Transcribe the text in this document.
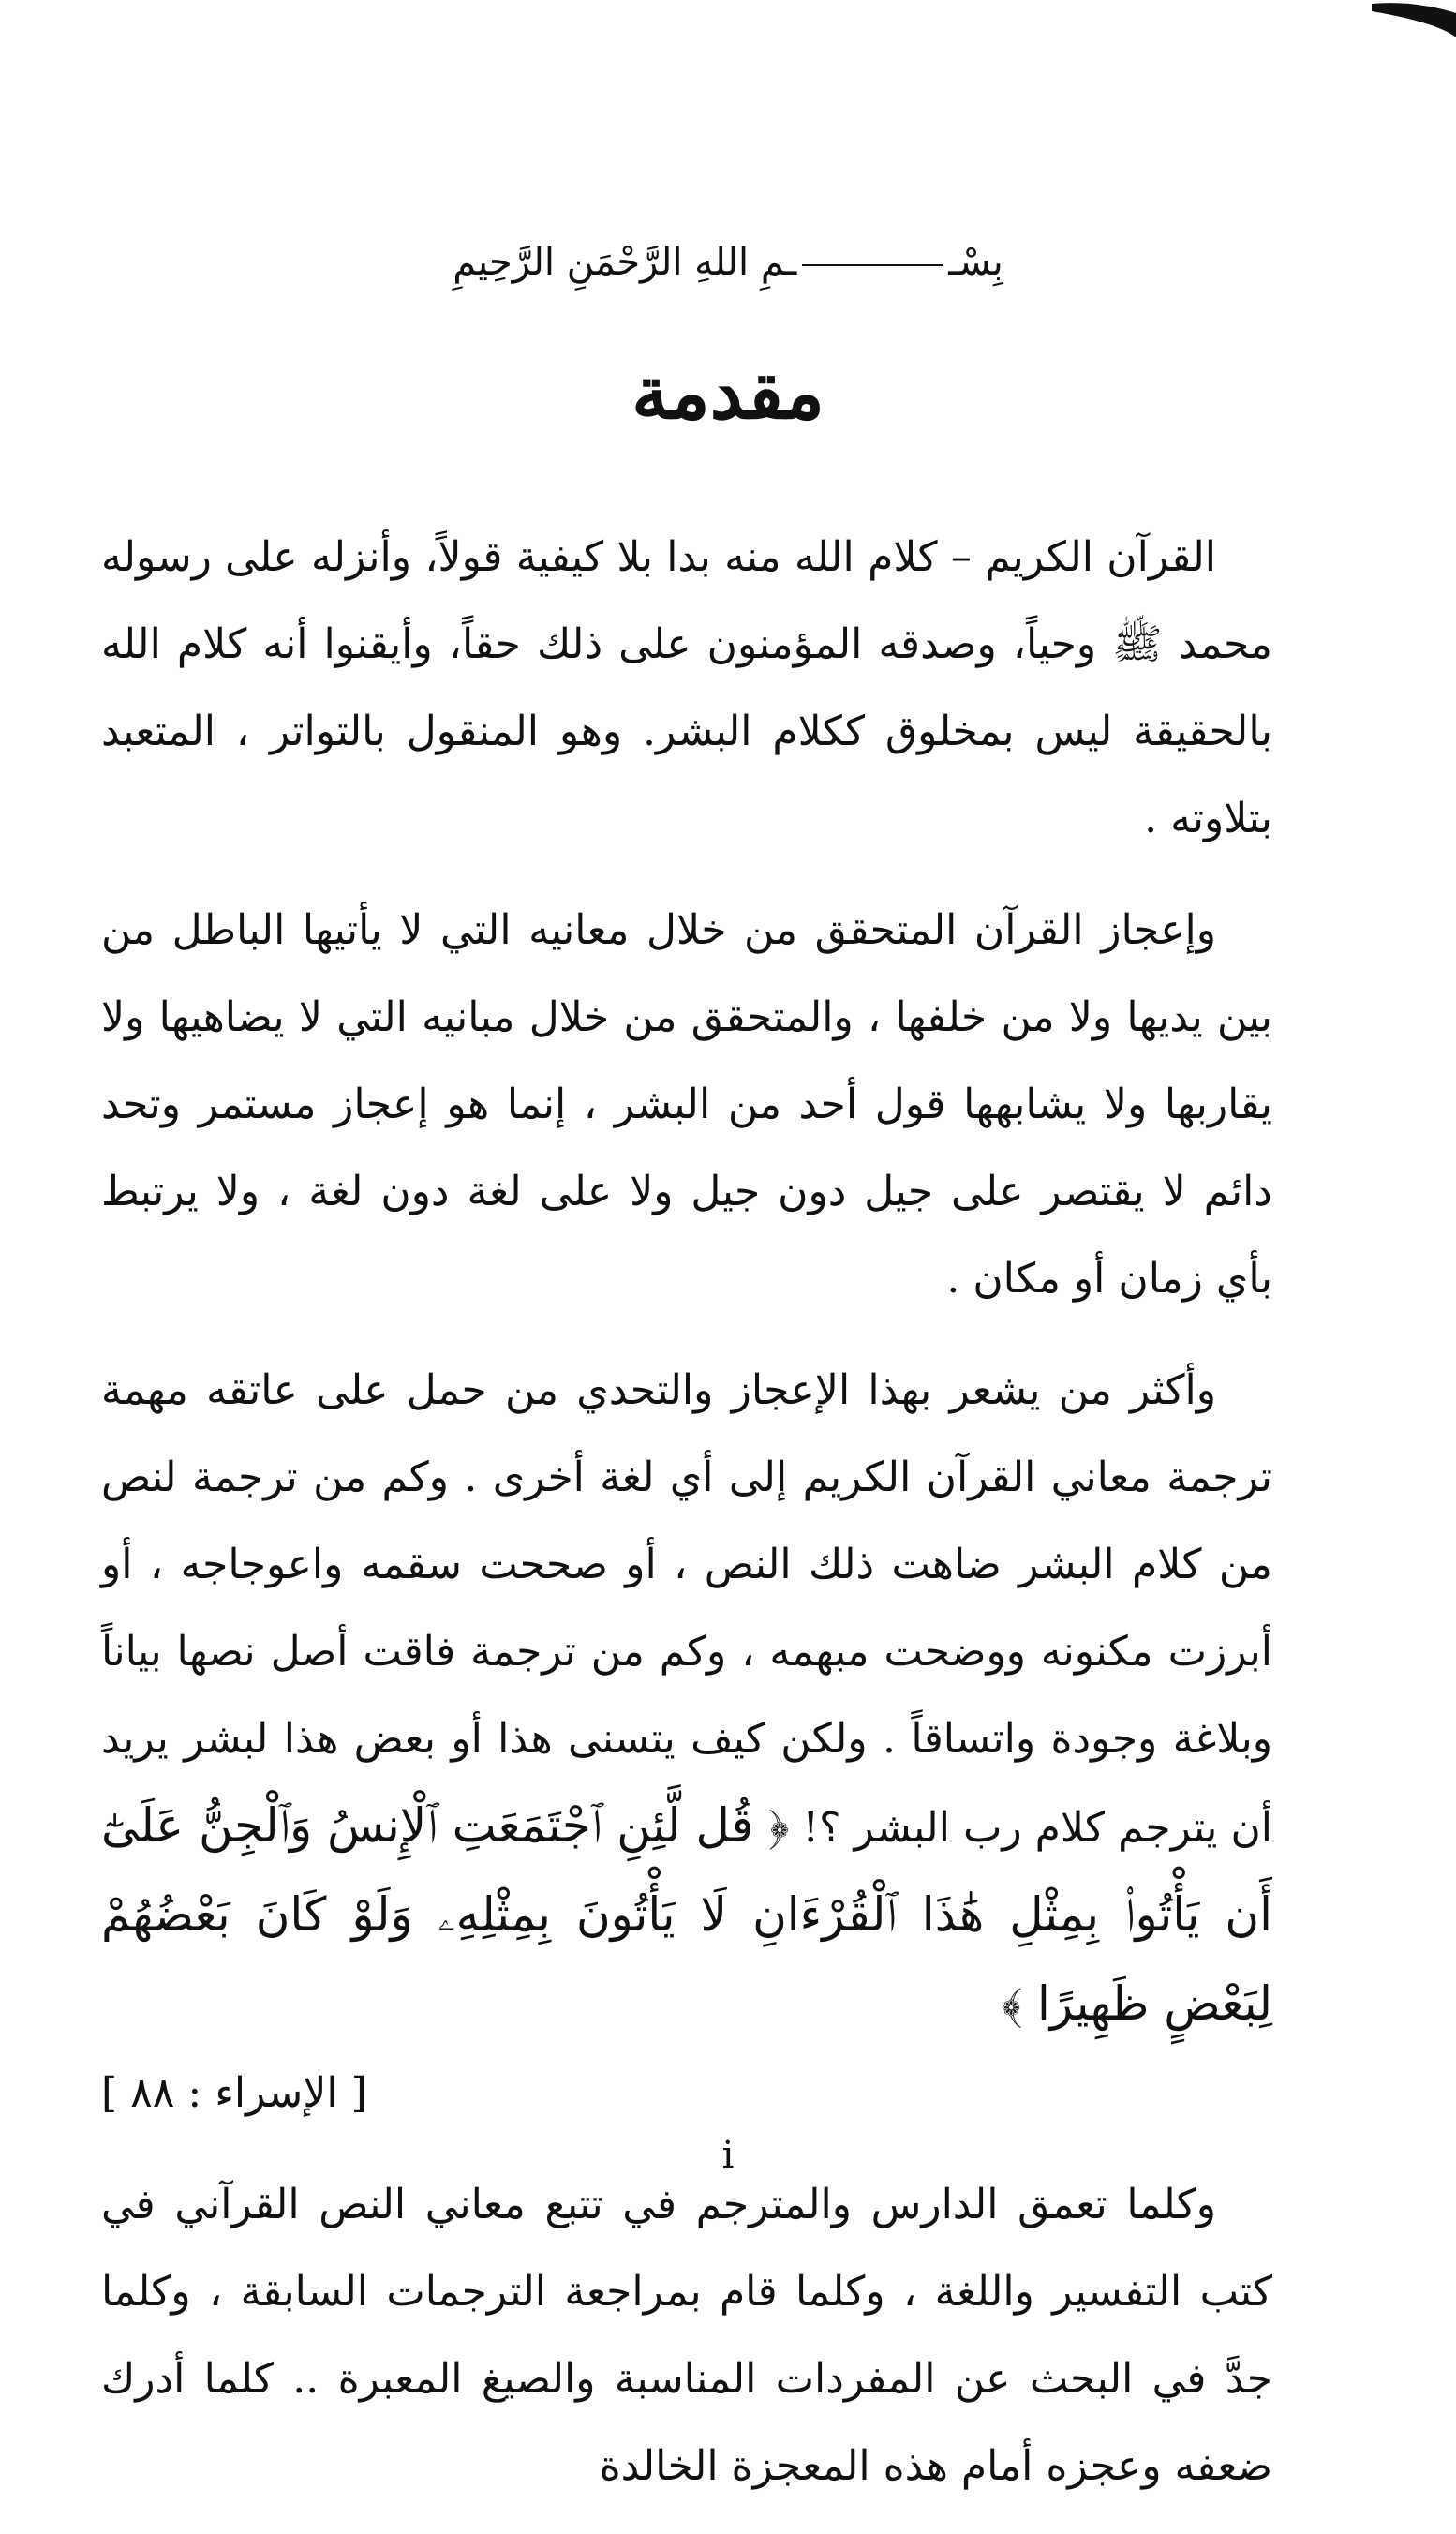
بِسْــمِ اللهِ الرَّحْمَنِ الرَّحِيمِ
مقدمة

القرآن الكريم – كلام الله منه بدا بلا كيفية قولاً، وأنزله على رسوله محمد ﷺ وحياً، وصدقه المؤمنون على ذلك حقاً، وأيقنوا أنه كلام الله بالحقيقة ليس بمخلوق ككلام البشر. وهو المنقول بالتواتر ، المتعبد بتلاوته .

وإعجاز القرآن المتحقق من خلال معانيه التي لا يأتيها الباطل من بين يديها ولا من خلفها ، والمتحقق من خلال مبانيه التي لا يضاهيها ولا يقاربها ولا يشابهها قول أحد من البشر ، إنما هو إعجاز مستمر وتحد دائم لا يقتصر على جيل دون جيل ولا على لغة دون لغة ، ولا يرتبط بأي زمان أو مكان .

وأكثر من يشعر بهذا الإعجاز والتحدي من حمل على عاتقه مهمة ترجمة معاني القرآن الكريم إلى أي لغة أخرى . وكم من ترجمة لنص من كلام البشر ضاهت ذلك النص ، أو صححت سقمه واعوجاجه ، أو أبرزت مكنونه ووضحت مبهمه ، وكم من ترجمة فاقت أصل نصها بياناً وبلاغة وجودة واتساقاً . ولكن كيف يتسنى هذا أو بعض هذا لبشر يريد أن يترجم كلام رب البشر ؟! ﴿ قُل لَّئِنِ ٱجْتَمَعَتِ ٱلْإِنسُ وَٱلْجِنُّ عَلَىٰٓ أَن يَأْتُوا۟ بِمِثْلِ هَٰذَا ٱلْقُرْءَانِ لَا يَأْتُونَ بِمِثْلِهِۦ وَلَوْ كَانَ بَعْضُهُمْ لِبَعْضٍ ظَهِيرًا ﴾
[ الإسراء : ٨٨ ]

وكلما تعمق الدارس والمترجم في تتبع معاني النص القرآني في كتب التفسير واللغة ، وكلما قام بمراجعة الترجمات السابقة ، وكلما جدَّ في البحث عن المفردات المناسبة والصيغ المعبرة .. كلما أدرك ضعفه وعجزه أمام هذه المعجزة الخالدة

i
